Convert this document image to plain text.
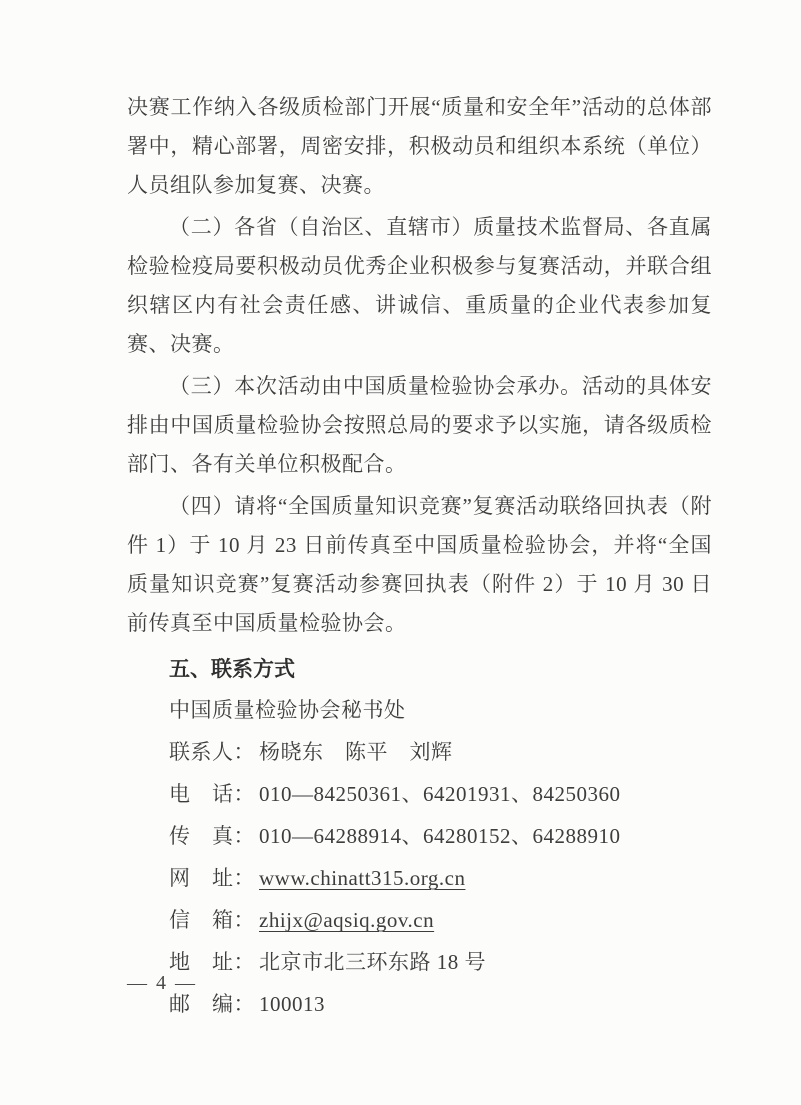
决赛工作纳入各级质检部门开展“质量和安全年”活动的总体部署中，精心部署，周密安排，积极动员和组织本系统（单位）人员组队参加复赛、决赛。

（二）各省（自治区、直辖市）质量技术监督局、各直属检验检疫局要积极动员优秀企业积极参与复赛活动，并联合组织辖区内有社会责任感、讲诚信、重质量的企业代表参加复赛、决赛。

（三）本次活动由中国质量检验协会承办。活动的具体安排由中国质量检验协会按照总局的要求予以实施，请各级质检部门、各有关单位积极配合。

（四）请将“全国质量知识竞赛”复赛活动联络回执表（附件 1）于 10 月 23 日前传真至中国质量检验协会，并将“全国质量知识竞赛”复赛活动参赛回执表（附件 2）于 10 月 30 日前传真至中国质量检验协会。

五、联系方式

中国质量检验协会秘书处

联系人： 杨晓东　陈平　刘辉
电　话： 010—84250361、64201931、84250360
传　真： 010—64288914、64280152、64288910
网　址： www.chinatt315.org.cn
信　箱： zhijx@aqsiq.gov.cn
地　址： 北京市北三环东路 18 号
邮　编： 100013
— 4 —
